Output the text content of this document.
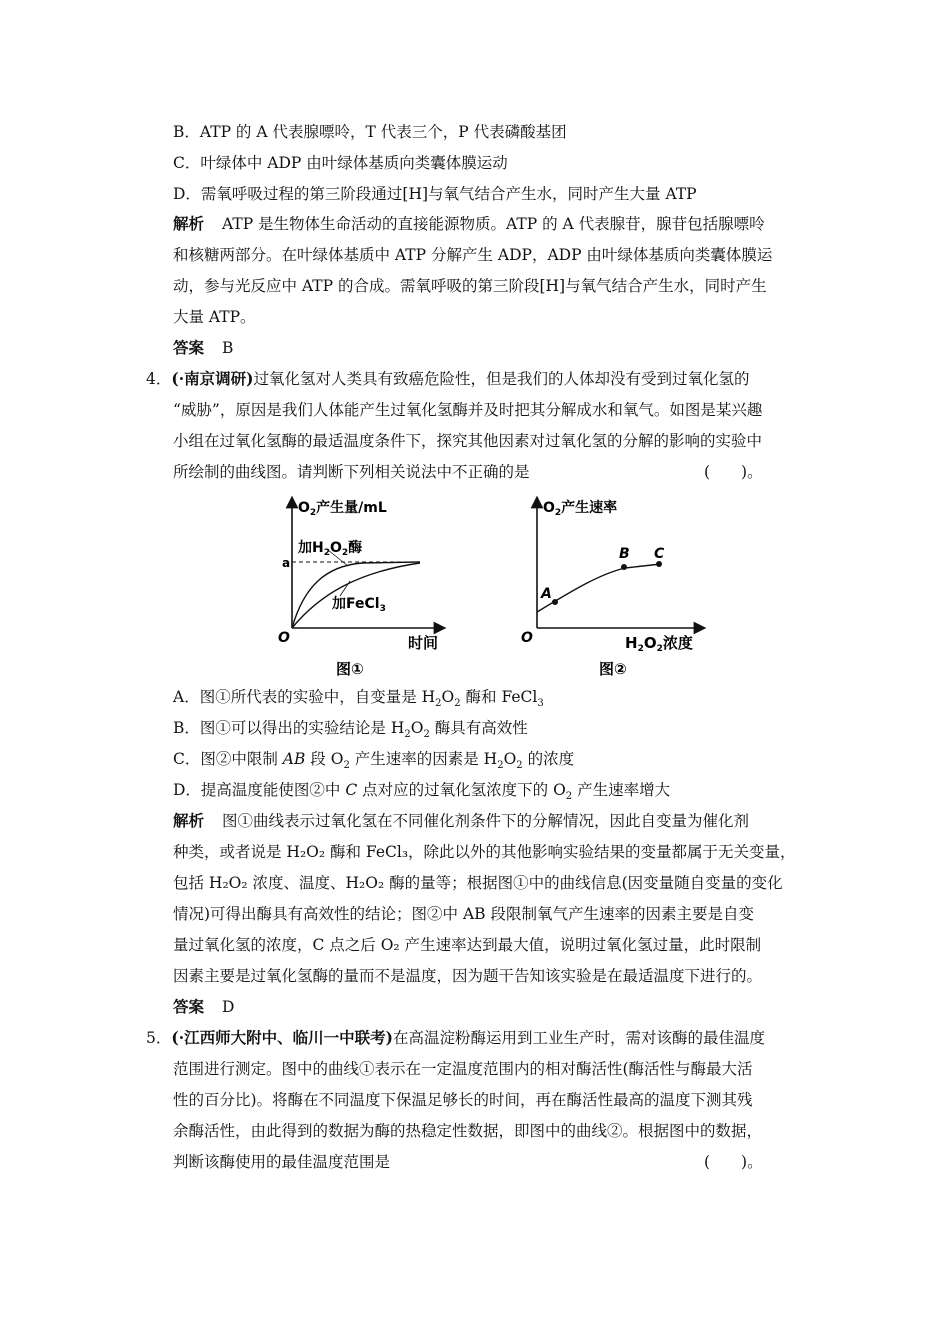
B．ATP 的 A 代表腺嘌呤，T 代表三个，P 代表磷酸基团
C．叶绿体中 ADP 由叶绿体基质向类囊体膜运动
D．需氧呼吸过程的第三阶段通过[H]与氧气结合产生水，同时产生大量 ATP
解析 ATP 是生物体生命活动的直接能源物质。ATP 的 A 代表腺苷，腺苷包括腺嘌呤
和核糖两部分。在叶绿体基质中 ATP 分解产生 ADP，ADP 由叶绿体基质向类囊体膜运
动，参与光反应中 ATP 的合成。需氧呼吸的第三阶段[H]与氧气结合产生水，同时产生
大量 ATP。
答案 B
4．(·南京调研)过氧化氢对人类具有致癌危险性，但是我们的人体却没有受到过氧化氢的
“威胁”，原因是我们人体能产生过氧化氢酶并及时把其分解成水和氧气。如图是某兴趣
小组在过氧化氢酶的最适温度条件下，探究其他因素对过氧化氢的分解的影响的实验中
所绘制的曲线图。请判断下列相关说法中不正确的是	(　　)。
$O_2$产生量/mL
加$H_2O_2$酶
a
加FeCl$_3$
O	时间
图①
A
B C
$O_2$产生速率
O	$H_2O_2$浓度
图②
A．图①所代表的实验中，自变量是 $H_2O_2$ 酶和 FeCl$_3$
B．图①可以得出的实验结论是 $H_2O_2$ 酶具有高效性
C．图②中限制 AB 段 $O_2$ 产生速率的因素是 $H_2O_2$ 的浓度
D．提高温度能使图②中 C 点对应的过氧化氢浓度下的 $O_2$ 产生速率增大
解析 图①曲线表示过氧化氢在不同催化剂条件下的分解情况，因此自变量为催化剂
种类，或者说是 H₂O₂ 酶和 FeCl₃，除此以外的其他影响实验结果的变量都属于无关变量，
包括 H₂O₂ 浓度、温度、H₂O₂ 酶的量等；根据图①中的曲线信息(因变量随自变量的变化
情况)可得出酶具有高效性的结论；图②中 AB 段限制氧气产生速率的因素主要是自变
量过氧化氢的浓度，C 点之后 O₂ 产生速率达到最大值，说明过氧化氢过量，此时限制
因素主要是过氧化氢酶的量而不是温度，因为题干告知该实验是在最适温度下进行的。
答案 D
5．(·江西师大附中、临川一中联考)在高温淀粉酶运用到工业生产时，需对该酶的最佳温度
范围进行测定。图中的曲线①表示在一定温度范围内的相对酶活性(酶活性与酶最大活
性的百分比)。将酶在不同温度下保温足够长的时间，再在酶活性最高的温度下测其残
余酶活性，由此得到的数据为酶的热稳定性数据，即图中的曲线②。根据图中的数据，
判断该酶使用的最佳温度范围是	(　　)。
